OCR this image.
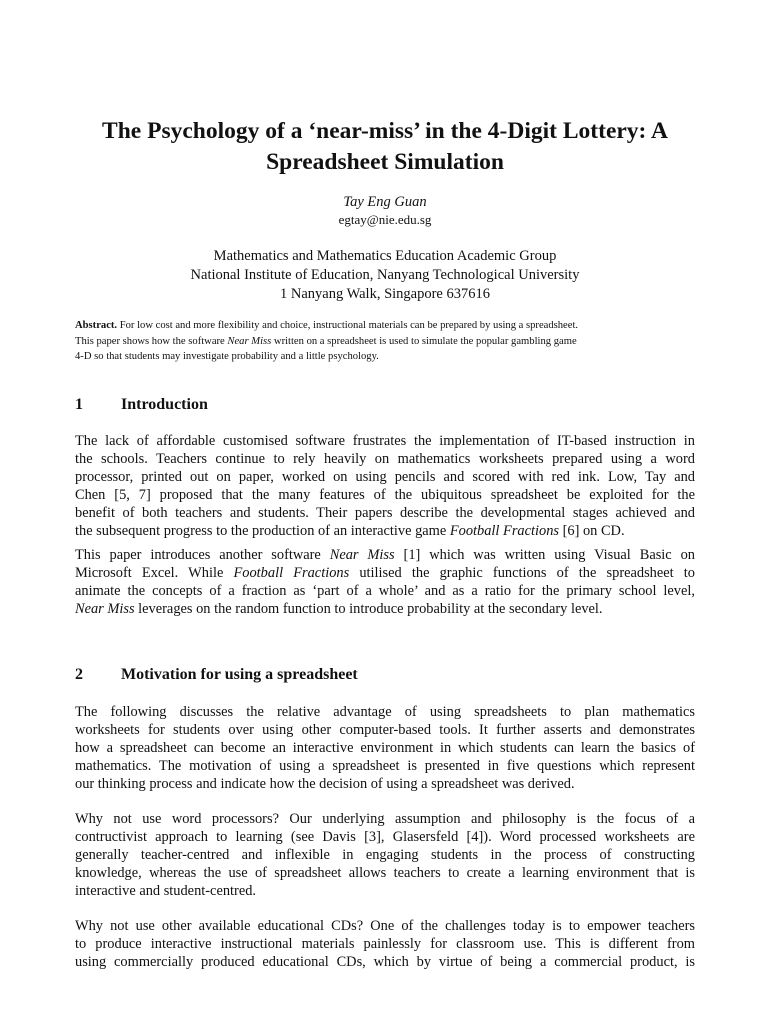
The Psychology of a ‘near-miss’ in the 4-Digit Lottery: A
Spreadsheet Simulation
Tay Eng Guan
egtay@nie.edu.sg
Mathematics and Mathematics Education Academic Group
National Institute of Education, Nanyang Technological University
1 Nanyang Walk, Singapore 637616

Abstract. For low cost and more flexibility and choice, instructional materials can be prepared by using a spreadsheet.
This paper shows how the software Near Miss written on a spreadsheet is used to simulate the popular gambling game
4-D so that students may investigate probability and a little psychology.

1 Introduction

The lack of affordable customised software frustrates the implementation of IT-based instruction in
the schools. Teachers continue to rely heavily on mathematics worksheets prepared using a word
processor, printed out on paper, worked on using pencils and scored with red ink. Low, Tay and
Chen [5, 7] proposed that the many features of the ubiquitous spreadsheet be exploited for the
benefit of both teachers and students. Their papers describe the developmental stages achieved and
the subsequent progress to the production of an interactive game Football Fractions [6] on CD.

This paper introduces another software Near Miss [1] which was written using Visual Basic on
Microsoft Excel. While Football Fractions utilised the graphic functions of the spreadsheet to
animate the concepts of a fraction as ‘part of a whole’ and as a ratio for the primary school level,
Near Miss leverages on the random function to introduce probability at the secondary level.

2 Motivation for using a spreadsheet

The following discusses the relative advantage of using spreadsheets to plan mathematics
worksheets for students over using other computer-based tools. It further asserts and demonstrates
how a spreadsheet can become an interactive environment in which students can learn the basics of
mathematics. The motivation of using a spreadsheet is presented in five questions which represent
our thinking process and indicate how the decision of using a spreadsheet was derived.

Why not use word processors? Our underlying assumption and philosophy is the focus of a
contructivist approach to learning (see Davis [3], Glasersfeld [4]). Word processed worksheets are
generally teacher-centred and inflexible in engaging students in the process of constructing
knowledge, whereas the use of spreadsheet allows teachers to create a learning environment that is
interactive and student-centred.

Why not use other available educational CDs? One of the challenges today is to empower teachers
to produce interactive instructional materials painlessly for classroom use. This is different from
using commercially produced educational CDs, which by virtue of being a commercial product, is
